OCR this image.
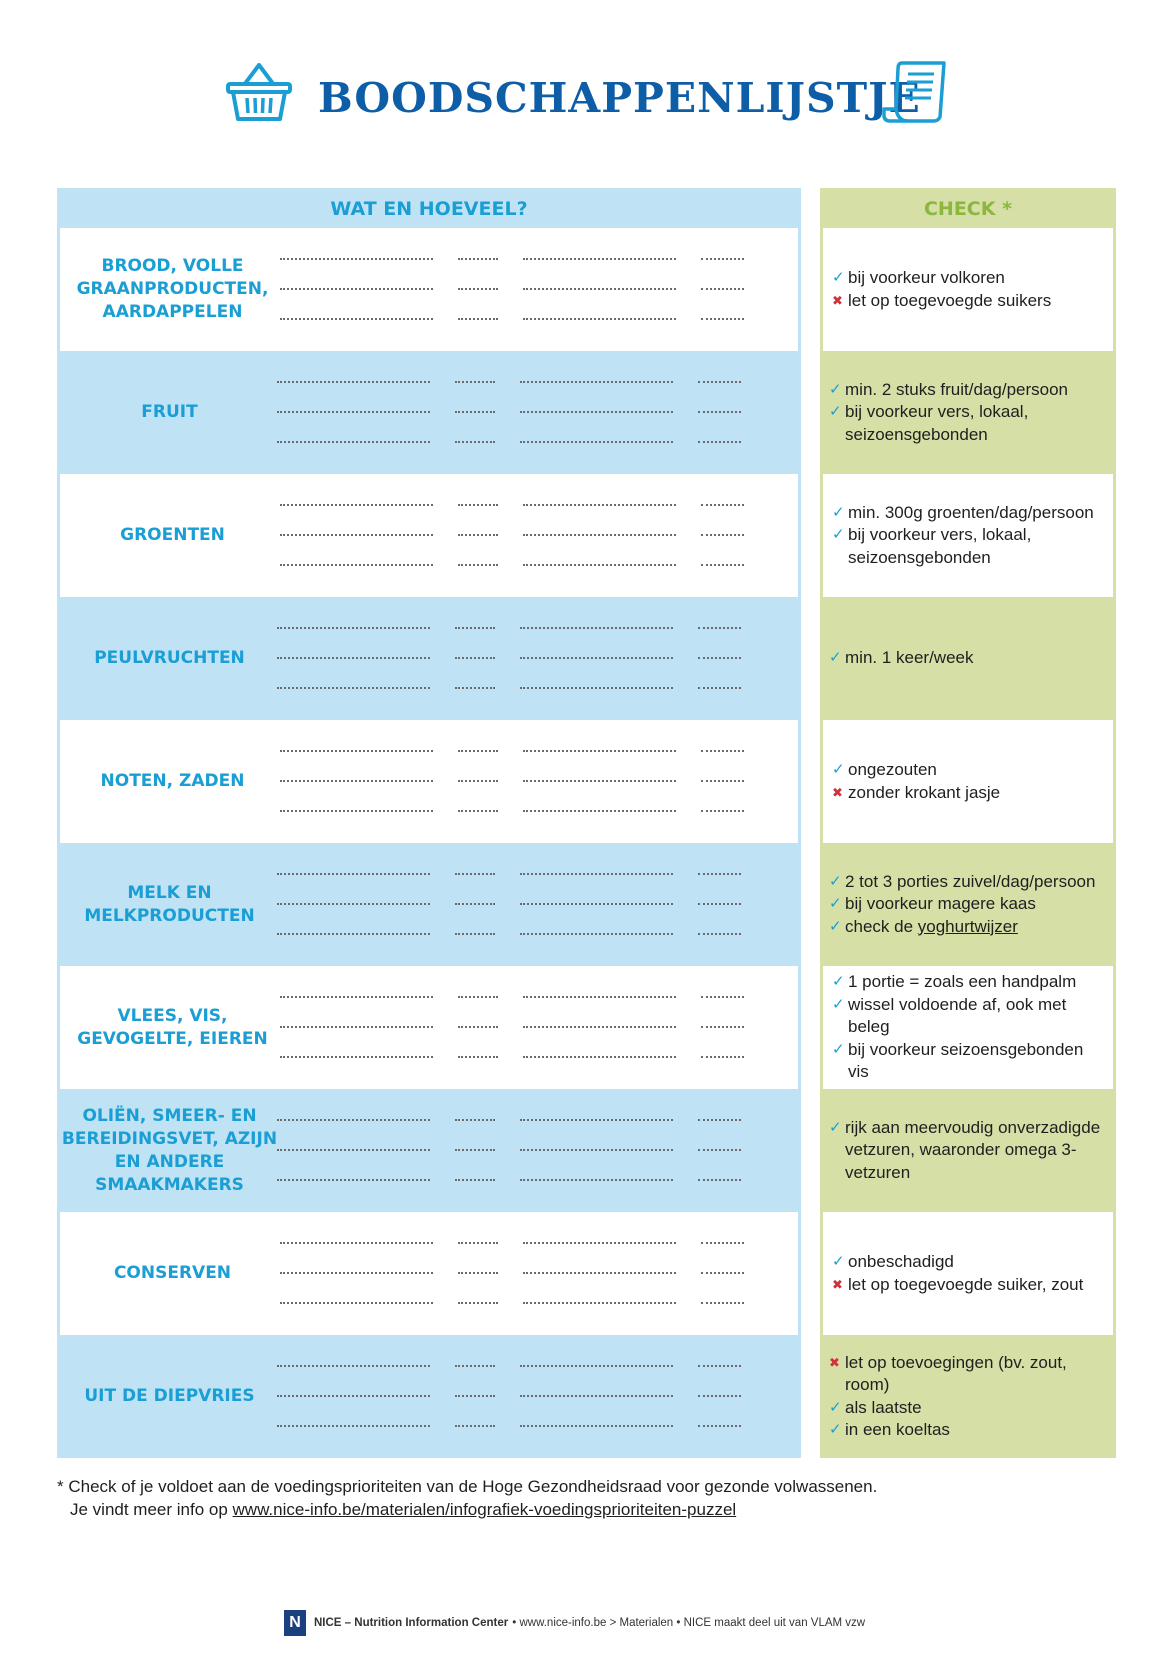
BOODSCHAPPENLIJSTJE
WAT EN HOEVEEL?
BROOD, VOLLE GRAANPRODUCTEN, AARDAPPELEN
FRUIT
GROENTEN
PEULVRUCHTEN
NOTEN, ZADEN
MELK EN MELKPRODUCTEN
VLEES, VIS, GEVOGELTE, EIEREN
OLIËN, SMEER- EN BEREIDINGSVET, AZIJN EN ANDERE SMAAKMAKERS
CONSERVEN
UIT DE DIEPVRIES
CHECK *
✓ bij voorkeur volkoren
✖ let op toegevoegde suikers
✓ min. 2 stuks fruit/dag/persoon
✓ bij voorkeur vers, lokaal, seizoensgebonden
✓ min. 300g groenten/dag/persoon
✓ bij voorkeur vers, lokaal, seizoensgebonden
✓ min. 1 keer/week
✓ ongezouten
✖ zonder krokant jasje
✓ 2 tot 3 porties zuivel/dag/persoon
✓ bij voorkeur magere kaas
✓ check de yoghurtwijzer
✓ 1 portie = zoals een handpalm
✓ wissel voldoende af, ook met beleg
✓ bij voorkeur seizoensgebonden vis
✓ rijk aan meervoudig onverzadigde vetzuren, waaronder omega 3-vetzuren
✓ onbeschadigd
✖ let op toegevoegde suiker, zout
✖ let op toevoegingen (bv. zout, room)
✓ als laatste
✓ in een koeltas
* Check of je voldoet aan de voedingsprioriteiten van de Hoge Gezondheidsraad voor gezonde volwassenen.
Je vindt meer info op www.nice-info.be/materialen/infografiek-voedingsprioriteiten-puzzel
N	NICE – Nutrition Information Center • www.nice-info.be > Materialen • NICE maakt deel uit van VLAM vzw
